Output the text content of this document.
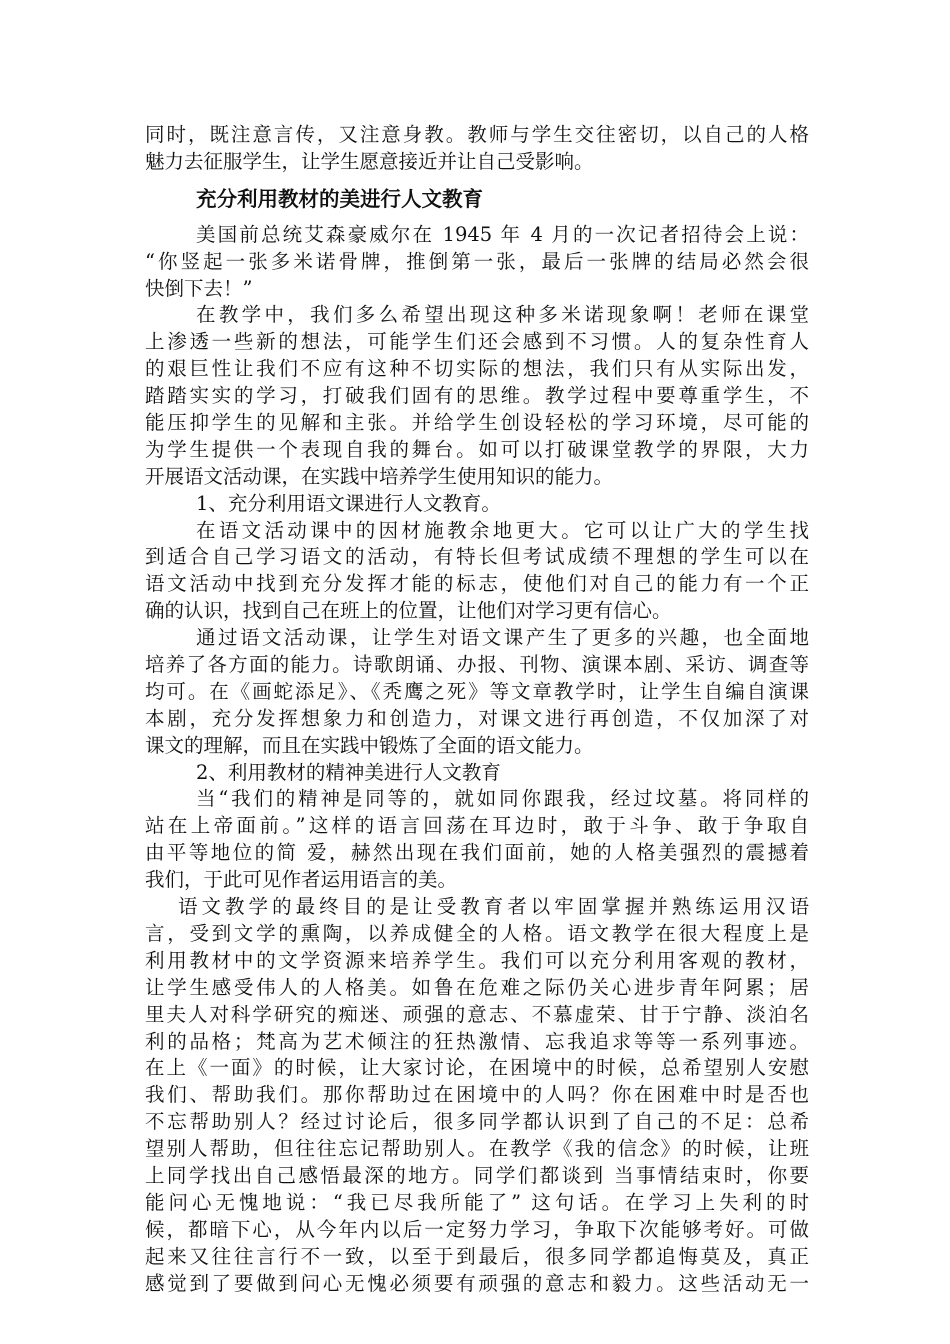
同时，既注意言传，又注意身教。教师与学生交往密切，以自己的人格
魅力去征服学生，让学生愿意接近并让自己受影响。
充分利用教材的美进行人文教育
美国前总统艾森豪威尔在 1945 年 4 月的一次记者招待会上说：
“你竖起一张多米诺骨牌，推倒第一张，最后一张牌的结局必然会很
快倒下去！”
在教学中，我们多么希望出现这种多米诺现象啊！老师在课堂
上渗透一些新的想法，可能学生们还会感到不习惯。人的复杂性育人
的艰巨性让我们不应有这种不切实际的想法，我们只有从实际出发，
踏踏实实的学习，打破我们固有的思维。教学过程中要尊重学生，不
能压抑学生的见解和主张。并给学生创设轻松的学习环境，尽可能的
为学生提供一个表现自我的舞台。如可以打破课堂教学的界限，大力
开展语文活动课，在实践中培养学生使用知识的能力。
1、充分利用语文课进行人文教育。
在语文活动课中的因材施教余地更大。它可以让广大的学生找
到适合自己学习语文的活动，有特长但考试成绩不理想的学生可以在
语文活动中找到充分发挥才能的标志，使他们对自己的能力有一个正
确的认识，找到自己在班上的位置，让他们对学习更有信心。
通过语文活动课，让学生对语文课产生了更多的兴趣，也全面地
培养了各方面的能力。诗歌朗诵、办报、刊物、演课本剧、采访、调查等
均可。在《画蛇添足》、《秃鹰之死》等文章教学时，让学生自编自演课
本剧，充分发挥想象力和创造力，对课文进行再创造，不仅加深了对
课文的理解，而且在实践中锻炼了全面的语文能力。
2、利用教材的精神美进行人文教育
当“我们的精神是同等的，就如同你跟我，经过坟墓。将同样的
站在上帝面前。”这样的语言回荡在耳边时，敢于斗争、敢于争取自
由平等地位的简 爱，赫然出现在我们面前，她的人格美强烈的震撼着
我们，于此可见作者运用语言的美。
语文教学的最终目的是让受教育者以牢固掌握并熟练运用汉语
言，受到文学的熏陶，以养成健全的人格。语文教学在很大程度上是
利用教材中的文学资源来培养学生。我们可以充分利用客观的教材，
让学生感受伟人的人格美。如鲁在危难之际仍关心进步青年阿累；居
里夫人对科学研究的痴迷、顽强的意志、不慕虚荣、甘于宁静、淡泊名
利的品格；梵高为艺术倾注的狂热激情、忘我追求等等一系列事迹。
在上《一面》的时候，让大家讨论，在困境中的时候，总希望别人安慰
我们、帮助我们。那你帮助过在困境中的人吗？你在困难中时是否也
不忘帮助别人？经过讨论后，很多同学都认识到了自己的不足：总希
望别人帮助，但往往忘记帮助别人。在教学《我的信念》的时候，让班
上同学找出自己感悟最深的地方。同学们都谈到 当事情结束时，你要
能问心无愧地说：“我已尽我所能了” 这句话。在学习上失利的时
候，都暗下心，从今年内以后一定努力学习，争取下次能够考好。可做
起来又往往言行不一致，以至于到最后，很多同学都追悔莫及，真正
感觉到了要做到问心无愧必须要有顽强的意志和毅力。这些活动无一
